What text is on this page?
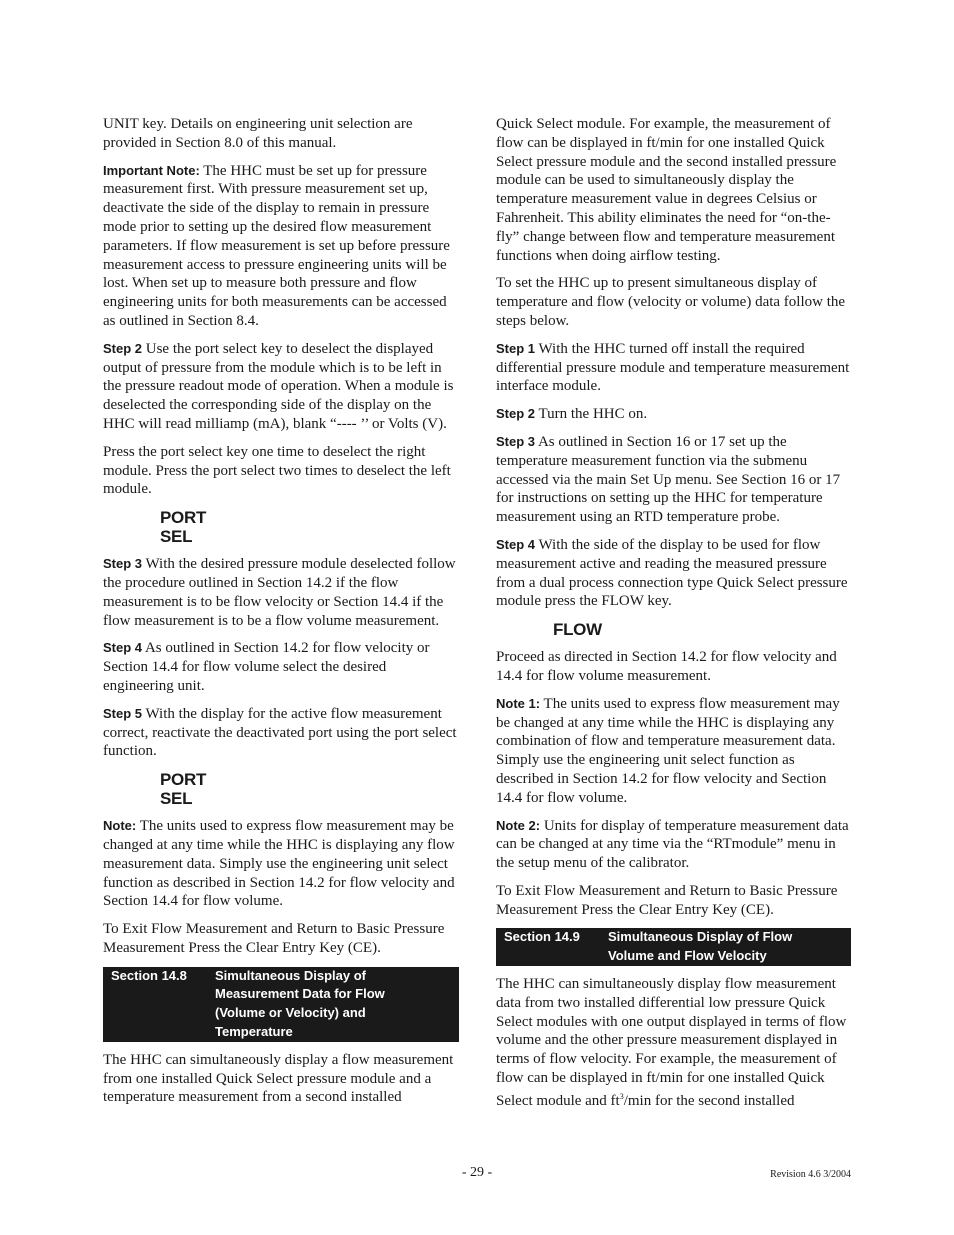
UNIT key. Details on engineering unit selection are provided in Section 8.0 of this manual.

Important Note: The HHC must be set up for pressure measurement first. With pressure measurement set up, deactivate the side of the display to remain in pressure mode prior to setting up the desired flow measurement parameters. If flow measurement is set up before pressure measurement access to pressure engineering units will be lost. When set up to measure both pressure and flow engineering units for both measurements can be accessed as outlined in Section 8.4.

Step 2 Use the port select key to deselect the displayed output of pressure from the module which is to be left in the pressure readout mode of operation. When a module is deselected the corresponding side of the display on the HHC will read milliamp (mA), blank “---- ’’ or Volts (V).

Press the port select key one time to deselect the right module. Press the port select two times to deselect the left module.

PORT
SEL

Step 3 With the desired pressure module deselected follow the procedure outlined in Section 14.2 if the flow measurement is to be flow velocity or Section 14.4 if the flow measurement is to be a flow volume measurement.

Step 4 As outlined in Section 14.2 for flow velocity or Section 14.4 for flow volume select the desired engineering unit.

Step 5 With the display for the active flow measurement correct, reactivate the deactivated port using the port select function.

PORT
SEL

Note: The units used to express flow measurement may be changed at any time while the HHC is displaying any flow measurement data. Simply use the engineering unit select function as described in Section 14.2 for flow velocity and Section 14.4 for flow volume.

To Exit Flow Measurement and Return to Basic Pressure Measurement Press the Clear Entry Key (CE).

Section 14.8	Simultaneous Display of
Measurement Data for Flow
(Volume or Velocity) and
Temperature

The HHC can simultaneously display a flow measurement from one installed Quick Select pressure module and a temperature measurement from a second installed

Quick Select module. For example, the measurement of flow can be displayed in ft/min for one installed Quick Select pressure module and the second installed pressure module can be used to simultaneously display the temperature measurement value in degrees Celsius or Fahrenheit. This ability eliminates the need for “on-the-fly” change between flow and temperature measurement functions when doing airflow testing.

To set the HHC up to present simultaneous display of temperature and flow (velocity or volume) data follow the steps below.

Step 1 With the HHC turned off install the required differential pressure module and temperature measurement interface module.

Step 2 Turn the HHC on.

Step 3 As outlined in Section 16 or 17 set up the temperature measurement function via the submenu accessed via the main Set Up menu. See Section 16 or 17 for instructions on setting up the HHC for temperature measurement using an RTD temperature probe.

Step 4 With the side of the display to be used for flow measurement active and reading the measured pressure from a dual process connection type Quick Select pressure module press the FLOW key.

FLOW

Proceed as directed in Section 14.2 for flow velocity and 14.4 for flow volume measurement.

Note 1: The units used to express flow measurement may be changed at any time while the HHC is displaying any combination of flow and temperature measurement data. Simply use the engineering unit select function as described in Section 14.2 for flow velocity and Section 14.4 for flow volume.

Note 2: Units for display of temperature measurement data can be changed at any time via the “RTmodule” menu in the setup menu of the calibrator.

To Exit Flow Measurement and Return to Basic Pressure Measurement Press the Clear Entry Key (CE).

Section 14.9	Simultaneous Display of Flow
Volume and Flow Velocity

The HHC can simultaneously display flow measurement data from two installed differential low pressure Quick Select modules with one output displayed in terms of flow volume and the other pressure measurement displayed in terms of flow velocity. For example, the measurement of flow can be displayed in ft/min for one installed Quick Select module and $ft^3/\min$ for the second installed

- 29 -	Revision 4.6 3/2004
